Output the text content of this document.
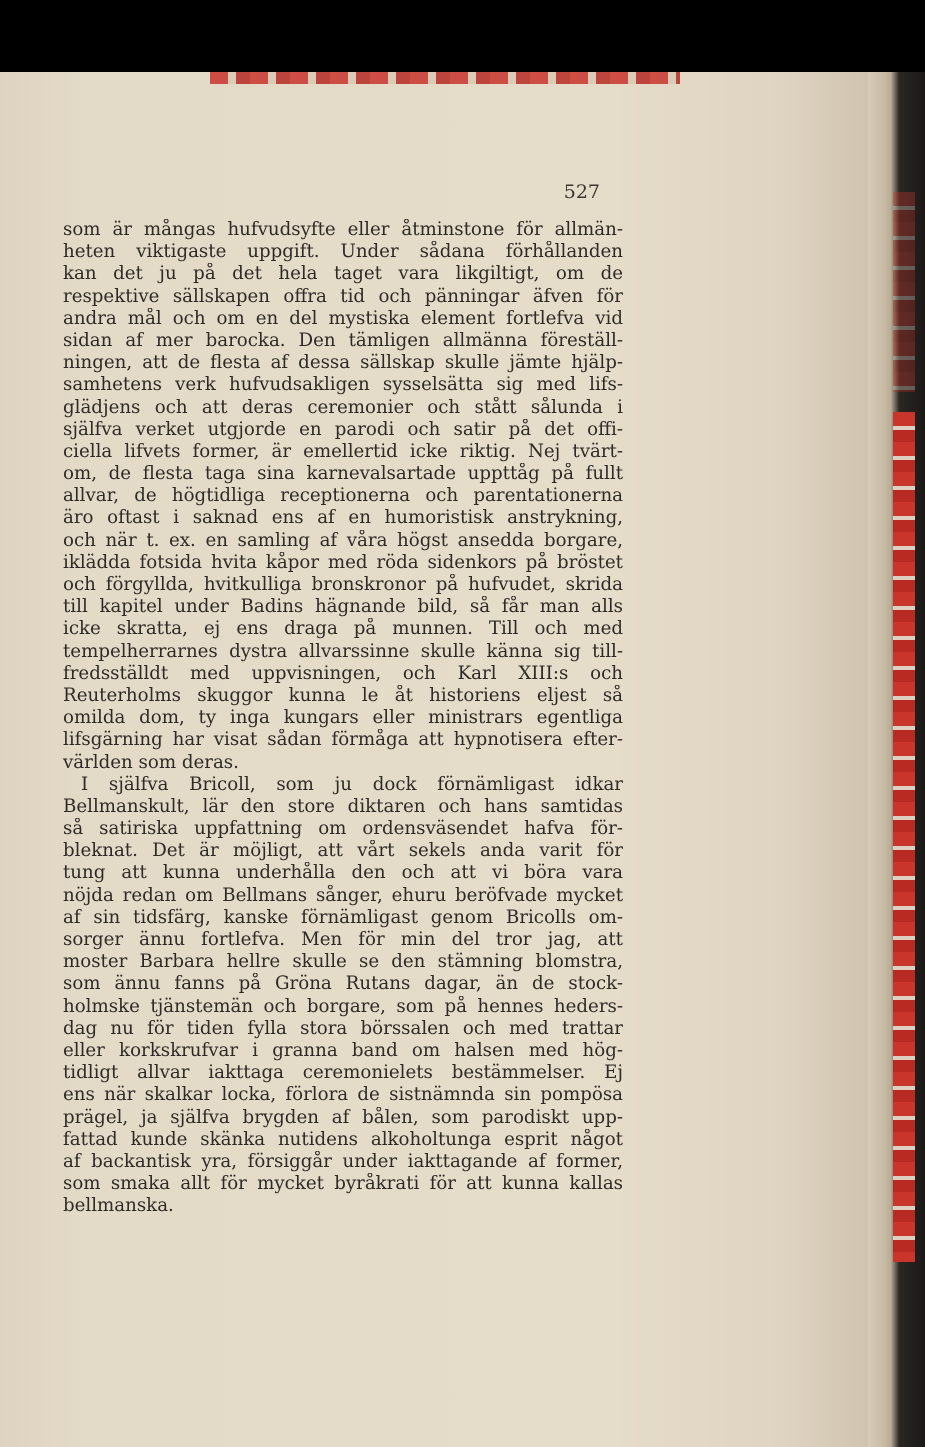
527
som är mångas hufvudsyfte eller åtminstone för allmän-
heten viktigaste uppgift. Under sådana förhållanden
kan det ju på det hela taget vara likgiltigt, om de
respektive sällskapen offra tid och pänningar äfven för
andra mål och om en del mystiska element fortlefva vid
sidan af mer barocka. Den tämligen allmänna föreställ-
ningen, att de flesta af dessa sällskap skulle jämte hjälp-
samhetens verk hufvudsakligen sysselsätta sig med lifs-
glädjens och att deras ceremonier och stått sålunda i
själfva verket utgjorde en parodi och satir på det offi-
ciella lifvets former, är emellertid icke riktig. Nej tvärt-
om, de flesta taga sina karnevalsartade uppttåg på fullt
allvar, de högtidliga receptionerna och parentationerna
äro oftast i saknad ens af en humoristisk anstrykning,
och när t. ex. en samling af våra högst ansedda borgare,
iklädda fotsida hvita kåpor med röda sidenkors på bröstet
och förgyllda, hvitkulliga bronskronor på hufvudet, skrida
till kapitel under Badins hägnande bild, så får man alls
icke skratta, ej ens draga på munnen. Till och med
tempelherrarnes dystra allvarssinne skulle känna sig till-
fredsställdt med uppvisningen, och Karl XIII:s och
Reuterholms skuggor kunna le åt historiens eljest så
omilda dom, ty inga kungars eller ministrars egentliga
lifsgärning har visat sådan förmåga att hypnotisera efter-
världen som deras.
I själfva Bricoll, som ju dock förnämligast idkar
Bellmanskult, lär den store diktaren och hans samtidas
så satiriska uppfattning om ordensväsendet hafva för-
bleknat. Det är möjligt, att vårt sekels anda varit för
tung att kunna underhålla den och att vi böra vara
nöjda redan om Bellmans sånger, ehuru beröfvade mycket
af sin tidsfärg, kanske förnämligast genom Bricolls om-
sorger ännu fortlefva. Men för min del tror jag, att
moster Barbara hellre skulle se den stämning blomstra,
som ännu fanns på Gröna Rutans dagar, än de stock-
holmske tjänstemän och borgare, som på hennes heders-
dag nu för tiden fylla stora börssalen och med trattar
eller korkskrufvar i granna band om halsen med hög-
tidligt allvar iakttaga ceremonielets bestämmelser. Ej
ens när skalkar locka, förlora de sistnämnda sin pompösa
prägel, ja själfva brygden af bålen, som parodiskt upp-
fattad kunde skänka nutidens alkoholtunga esprit något
af backantisk yra, försiggår under iakttagande af former,
som smaka allt för mycket byråkrati för att kunna kallas
bellmanska.
